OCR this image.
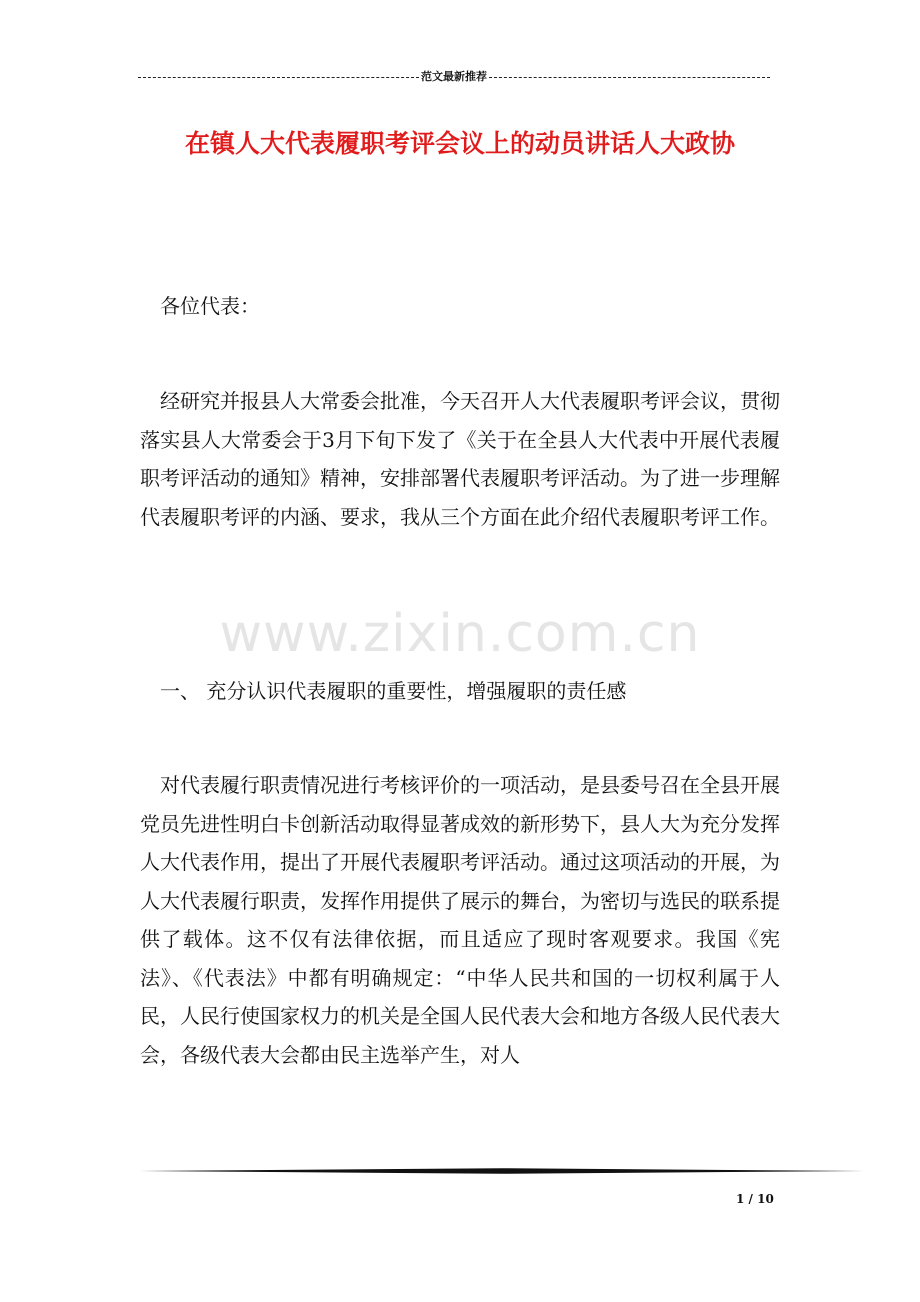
范文最新推荐
在镇人大代表履职考评会议上的动员讲话人大政协
各位代表：
经研究并报县人大常委会批准，今天召开人大代表履职考评会议，贯彻落实县人大常委会于3月下旬下发了《关于在全县人大代表中开展代表履职考评活动的通知》精神，安排部署代表履职考评活动。为了进一步理解代表履职考评的内涵、要求，我从三个方面在此介绍代表履职考评工作。
www.zixin.com.cn
一、 充分认识代表履职的重要性，增强履职的责任感
对代表履行职责情况进行考核评价的一项活动，是县委号召在全县开展党员先进性明白卡创新活动取得显著成效的新形势下，县人大为充分发挥人大代表作用，提出了开展代表履职考评活动。通过这项活动的开展，为人大代表履行职责，发挥作用提供了展示的舞台，为密切与选民的联系提供了载体。这不仅有法律依据，而且适应了现时客观要求。我国《宪法》、《代表法》中都有明确规定：“中华人民共和国的一切权利属于人民，人民行使国家权力的机关是全国人民代表大会和地方各级人民代表大会，各级代表大会都由民主选举产生，对人
1 / 10
